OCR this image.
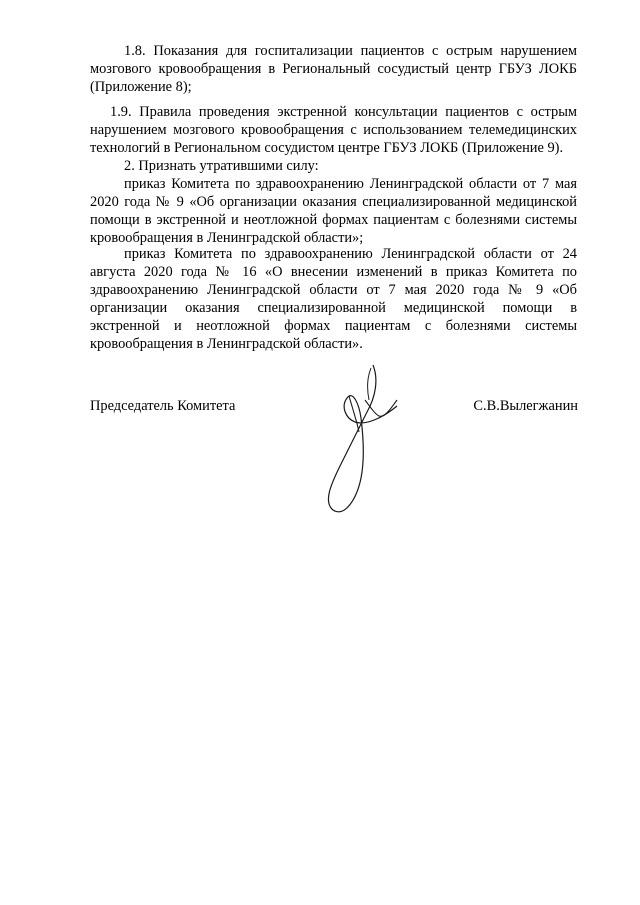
1.8. Показания для госпитализации пациентов с острым нарушением мозгового кровообращения в Региональный сосудистый центр ГБУЗ ЛОКБ (Приложение 8);

1.9. Правила проведения экстренной консультации пациентов с острым нарушением мозгового кровообращения с использованием телемедицинских технологий в Региональном сосудистом центре ГБУЗ ЛОКБ (Приложение 9).

2. Признать утратившими силу:

приказ Комитета по здравоохранению Ленинградской области от 7 мая 2020 года № 9 «Об организации оказания специализированной медицинской помощи в экстренной и неотложной формах пациентам с болезнями системы кровообращения в Ленинградской области»;

приказ Комитета по здравоохранению Ленинградской области от 24 августа 2020 года № 16 «О внесении изменений в приказ Комитета по здравоохранению Ленинградской области от 7 мая 2020 года № 9 «Об организации оказания специализированной медицинской помощи в экстренной и неотложной формах пациентам с болезнями системы кровообращения в Ленинградской области».

Председатель Комитета	С.В.Вылегжанин
